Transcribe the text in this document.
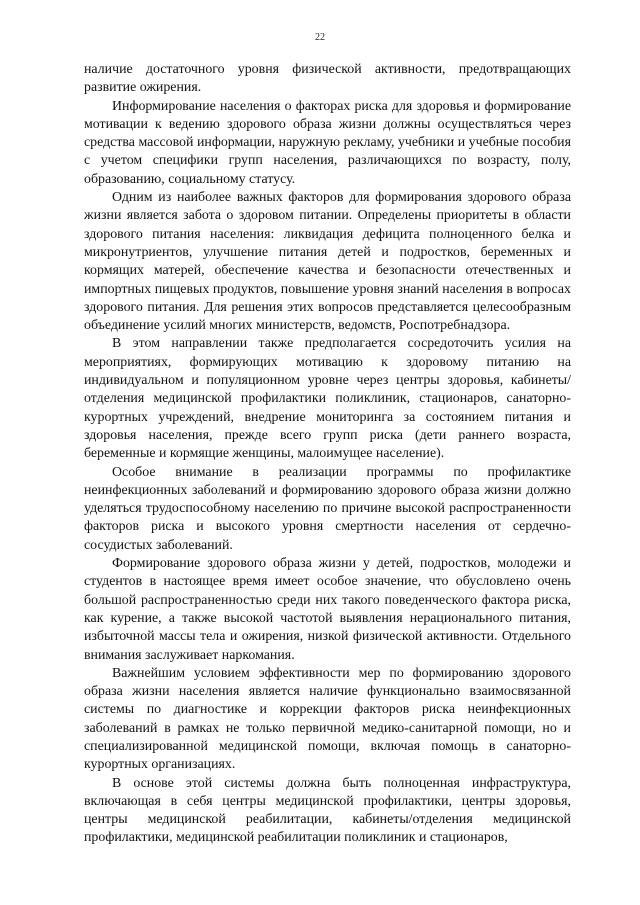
22

наличие достаточного уровня физической активности, предотвращающих развитие ожирения.

Информирование населения о факторах риска для здоровья и формирование мотивации к ведению здорового образа жизни должны осуществляться через средства массовой информации, наружную рекламу, учебники и учебные пособия с учетом специфики групп населения, различающихся по возрасту, полу, образованию, социальному статусу.

Одним из наиболее важных факторов для формирования здорового образа жизни является забота о здоровом питании. Определены приоритеты в области здорового питания населения: ликвидация дефицита полноценного белка и микронутриентов, улучшение питания детей и подростков, беременных и кормящих матерей, обеспечение качества и безопасности отечественных и импортных пищевых продуктов, повышение уровня знаний населения в вопросах здорового питания. Для решения этих вопросов представляется целесообразным объединение усилий многих министерств, ведомств, Роспотребнадзора.

В этом направлении также предполагается сосредоточить усилия на мероприятиях, формирующих мотивацию к здоровому питанию на индивидуальном и популяционном уровне через центры здоровья, кабинеты/отделения медицинской профилактики поликлиник, стационаров, санаторно-курортных учреждений, внедрение мониторинга за состоянием питания и здоровья населения, прежде всего групп риска (дети раннего возраста, беременные и кормящие женщины, малоимущее население).

Особое внимание в реализации программы по профилактике неинфекционных заболеваний и формированию здорового образа жизни должно уделяться трудоспособному населению по причине высокой распространенности факторов риска и высокого уровня смертности населения от сердечно-сосудистых заболеваний.

Формирование здорового образа жизни у детей, подростков, молодежи и студентов в настоящее время имеет особое значение, что обусловлено очень большой распространенностью среди них такого поведенческого фактора риска, как курение, а также высокой частотой выявления нерационального питания, избыточной массы тела и ожирения, низкой физической активности. Отдельного внимания заслуживает наркомания.

Важнейшим условием эффективности мер по формированию здорового образа жизни населения является наличие функционально взаимосвязанной системы по диагностике и коррекции факторов риска неинфекционных заболеваний в рамках не только первичной медико-санитарной помощи, но и специализированной медицинской помощи, включая помощь в санаторно-курортных организациях.

В основе этой системы должна быть полноценная инфраструктура, включающая в себя центры медицинской профилактики, центры здоровья, центры медицинской реабилитации, кабинеты/отделения медицинской профилактики, медицинской реабилитации поликлиник и стационаров,
